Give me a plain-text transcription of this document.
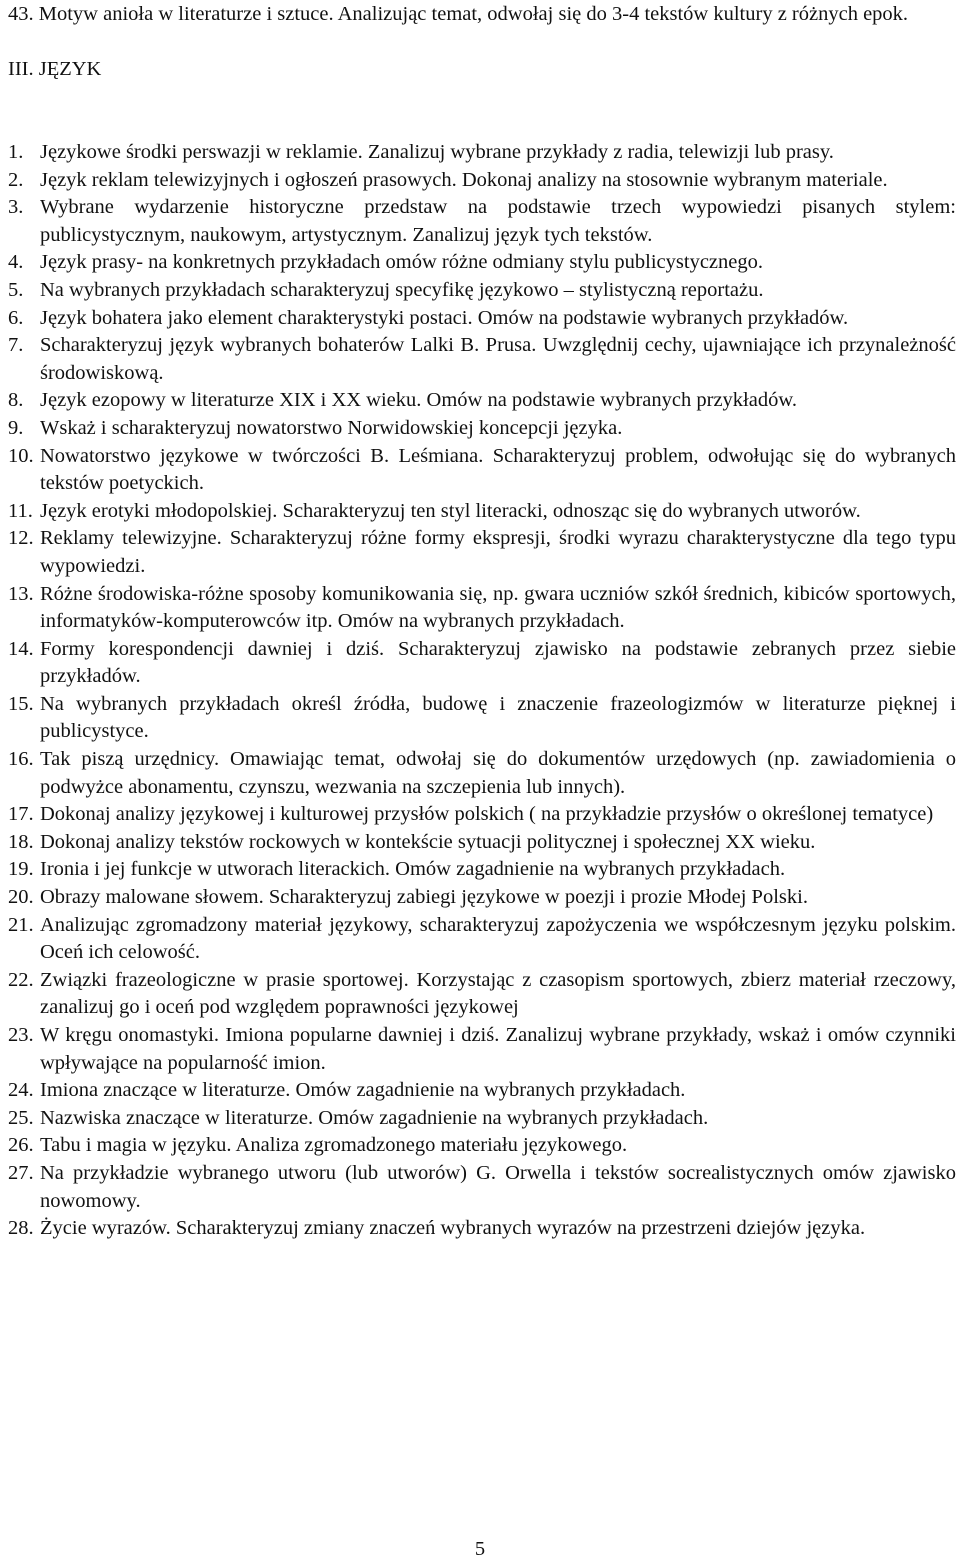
43. Motyw anioła w literaturze i sztuce. Analizując temat, odwołaj się do 3-4 tekstów kultury z różnych epok.
III. JĘZYK
1. Językowe środki perswazji w reklamie. Zanalizuj wybrane przykłady z radia, telewizji lub prasy.
2. Język reklam telewizyjnych i ogłoszeń prasowych. Dokonaj analizy na stosownie wybranym materiale.
3. Wybrane wydarzenie historyczne przedstaw na podstawie trzech wypowiedzi pisanych stylem: publicystycznym, naukowym, artystycznym. Zanalizuj język tych tekstów.
4. Język prasy- na konkretnych przykładach omów różne odmiany stylu publicystycznego.
5. Na wybranych przykładach scharakteryzuj specyfikę językowo – stylistyczną reportażu.
6. Język bohatera jako element charakterystyki postaci. Omów na podstawie wybranych przykładów.
7. Scharakteryzuj język wybranych bohaterów Lalki B. Prusa. Uwzględnij cechy, ujawniające ich przynależność środowiskową.
8. Język ezopowy w literaturze XIX i XX wieku. Omów na podstawie wybranych przykładów.
9. Wskaż i scharakteryzuj nowatorstwo Norwidowskiej koncepcji języka.
10. Nowatorstwo językowe w twórczości B. Leśmiana. Scharakteryzuj problem, odwołując się do wybranych tekstów poetyckich.
11. Język erotyki młodopolskiej. Scharakteryzuj ten styl literacki, odnosząc się do wybranych utworów.
12. Reklamy telewizyjne. Scharakteryzuj różne formy ekspresji, środki wyrazu charakterystyczne dla tego typu wypowiedzi.
13. Różne środowiska-różne sposoby komunikowania się, np. gwara uczniów szkół średnich, kibiców sportowych, informatyków-komputerowców itp. Omów na wybranych przykładach.
14. Formy korespondencji dawniej i dziś. Scharakteryzuj zjawisko na podstawie zebranych przez siebie przykładów.
15. Na wybranych przykładach określ źródła, budowę i znaczenie frazeologizmów w literaturze pięknej i publicystyce.
16. Tak piszą urzędnicy. Omawiając temat, odwołaj się do dokumentów urzędowych (np. zawiadomienia o podwyżce abonamentu, czynszu, wezwania na szczepienia lub innych).
17. Dokonaj analizy językowej i kulturowej przysłów polskich ( na przykładzie przysłów o określonej tematyce)
18. Dokonaj analizy tekstów rockowych w kontekście sytuacji politycznej i społecznej XX wieku.
19. Ironia i jej funkcje w utworach literackich. Omów zagadnienie na wybranych przykładach.
20. Obrazy malowane słowem. Scharakteryzuj zabiegi językowe w poezji i prozie Młodej Polski.
21. Analizując zgromadzony materiał językowy, scharakteryzuj zapożyczenia we współczesnym języku polskim. Oceń ich celowość.
22. Związki frazeologiczne w prasie sportowej. Korzystając z czasopism sportowych, zbierz materiał rzeczowy, zanalizuj go i oceń pod względem poprawności językowej
23. W kręgu onomastyki. Imiona popularne dawniej i dziś. Zanalizuj wybrane przykłady, wskaż i omów czynniki wpływające na popularność imion.
24. Imiona znaczące w literaturze. Omów zagadnienie na wybranych przykładach.
25. Nazwiska znaczące w literaturze. Omów zagadnienie na wybranych przykładach.
26. Tabu i magia w języku. Analiza zgromadzonego materiału językowego.
27. Na przykładzie wybranego utworu (lub utworów) G. Orwella i tekstów socrealistycznych omów zjawisko nowomowy.
28. Życie wyrazów. Scharakteryzuj zmiany znaczeń wybranych wyrazów na przestrzeni dziejów języka.
5
